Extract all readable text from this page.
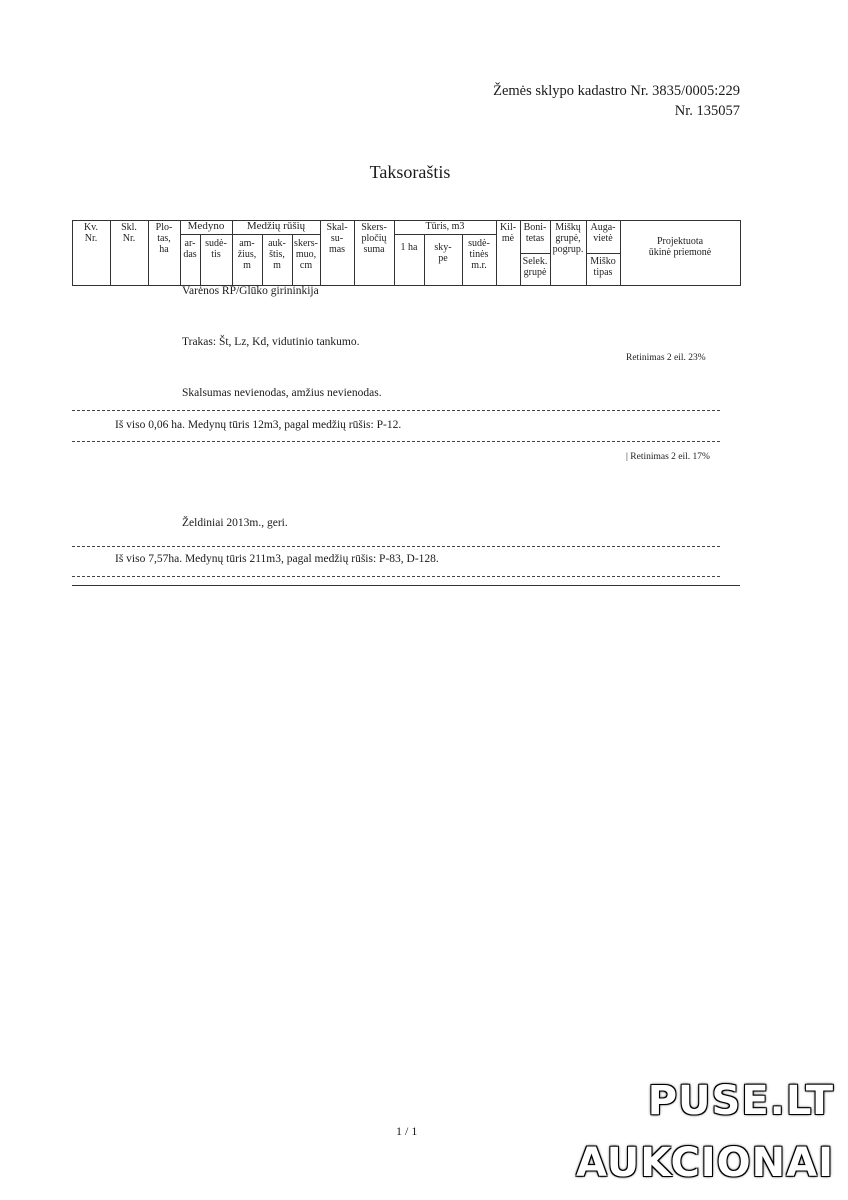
Žemės sklypo kadastro Nr. 3835/0005:229
Nr. 135057
Taksoraštis
Kv.
Nr.
Skl.
Nr.
Plo-
tas,
ha
Medyno
ar-
das
sudė-
tis
Medžių rūšių
am-
žius,
m
auk-
štis,
m
skers-
muo,
cm
Skal-
su-
mas
Skers-
pločių
suma
Tūris, m3
1 ha	sky-
pe
sudė-
tinės
m.r.
Kil-
mė
Boni-
tetas
Selek.
grupė
Miškų
grupė,
pogrup.
Auga-
vietė
Miško
tipas
Projektuota
ūkinė priemonė
Varėnos RP/Glūko girininkija
Retinimas 2 eil. 23%
| Retinimas 2 eil. 17%
Trakas: Št, Lz, Kd, vidutinio tankumo.
Skalsumas nevienodas, amžius nevienodas.
Iš viso 0,06 ha. Medynų tūris 12m3, pagal medžių rūšis: P-12.
Želdiniai 2013m., geri.
Iš viso 7,57ha. Medynų tūris 211m3, pagal medžių rūšis: P-83, D-128.
1 / 1
PUSE.LT
AUKCIONAI
